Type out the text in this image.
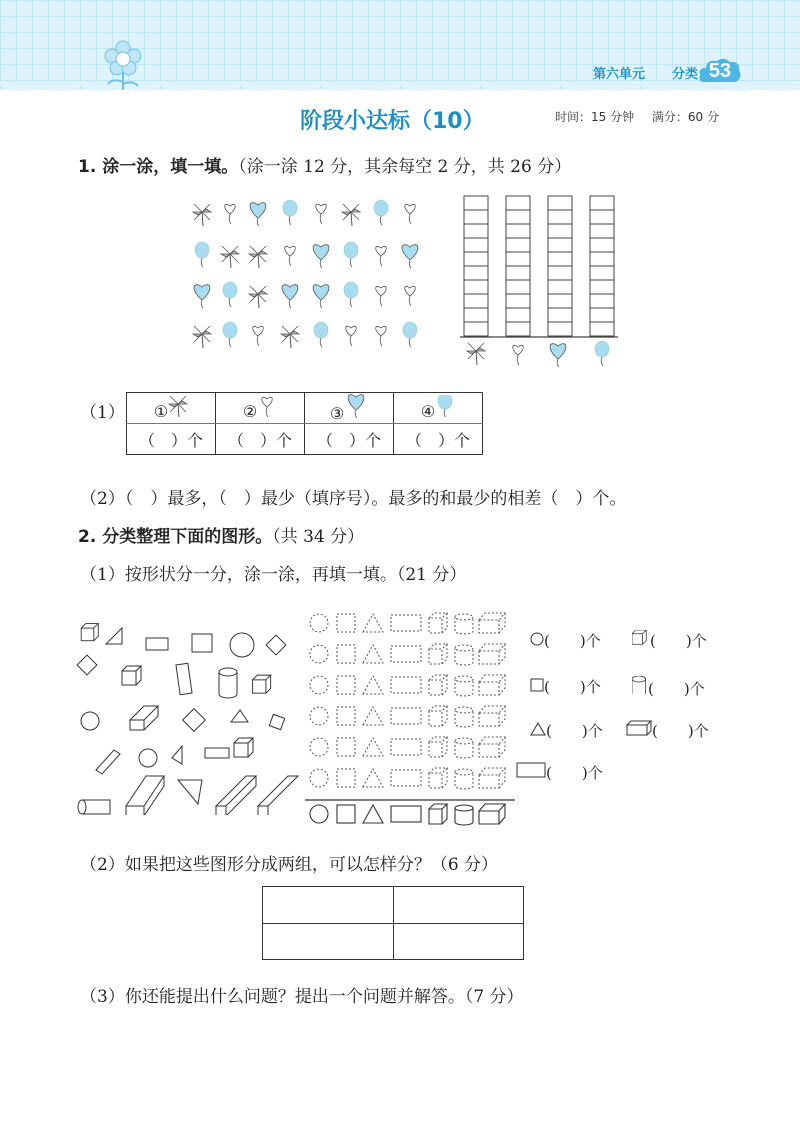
第六单元 分类 53
阶段小达标（10）	时间：15 分钟 满分：60 分
1. 涂一涂，填一填。（涂一涂 12 分，其余每空 2 分，共 26 分）
（1） ①	②	③	④
（　）个	（　）个	（　）个	（　）个
（2）（　）最多，（　）最少（填序号）。最多的和最少的相差（　）个。
2. 分类整理下面的图形。（共 34 分）
（1）按形状分一分，涂一涂，再填一填。（21 分）
(　　)个	(　　)个
(　　)个	(　　)个
(　　)个	(　　)个
(　　)个
（2）如果把这些图形分成两组，可以怎样分？（6 分）
（3）你还能提出什么问题？提出一个问题并解答。（7 分）
